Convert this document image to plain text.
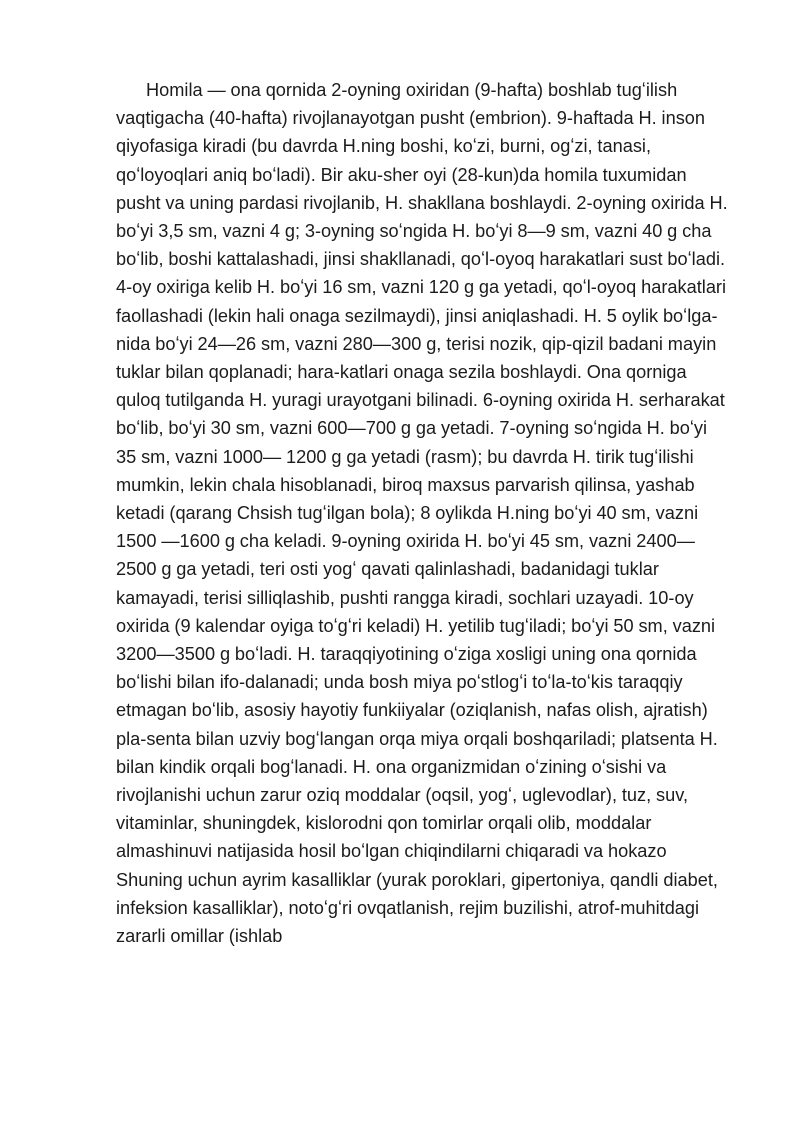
Homila — ona qornida 2-oyning oxiridan (9-hafta) boshlab tugʻilish vaqtigacha (40-hafta) rivojlanayotgan pusht (embrion). 9-haftada H. inson qiyofasiga kiradi (bu davrda H.ning boshi, koʻzi, burni, ogʻzi, tanasi, qoʻloyoqlari aniq boʻladi). Bir aku-sher oyi (28-kun)da homila tuxumidan pusht va uning pardasi rivojlanib, H. shakllana boshlaydi. 2-oyning oxirida H. boʻyi 3,5 sm, vazni 4 g; 3-oyning soʻngida H. boʻyi 8—9 sm, vazni 40 g cha boʻlib, boshi kattalashadi, jinsi shakllanadi, qoʻl-oyoq harakatlari sust boʻladi. 4-oy oxiriga kelib H. boʻyi 16 sm, vazni 120 g ga yetadi, qoʻl-oyoq harakatlari faollashadi (lekin hali onaga sezilmaydi), jinsi aniqlashadi. H. 5 oylik boʻlga-nida boʻyi 24—26 sm, vazni 280—300 g, terisi nozik, qip-qizil badani mayin tuklar bilan qoplanadi; hara-katlari onaga sezila boshlaydi. Ona qorniga quloq tutilganda H. yuragi urayotgani bilinadi. 6-oyning oxirida H. serharakat boʻlib, boʻyi 30 sm, vazni 600—700 g ga yetadi. 7-oyning soʻngida H. boʻyi 35 sm, vazni 1000— 1200 g ga yetadi (rasm); bu davrda H. tirik tugʻilishi mumkin, lekin chala hisoblanadi, biroq maxsus parvarish qilinsa, yashab ketadi (qarang Chsish tugʻilgan bola); 8 oylikda H.ning boʻyi 40 sm, vazni 1500 —1600 g cha keladi. 9-oyning oxirida H. boʻyi 45 sm, vazni 2400—2500 g ga yetadi, teri osti yogʻ qavati qalinlashadi, badanidagi tuklar kamayadi, terisi silliqlashib, pushti rangga kiradi, sochlari uzayadi. 10-oy oxirida (9 kalendar oyiga toʻgʻri keladi) H. yetilib tugʻiladi; boʻyi 50 sm, vazni 3200—3500 g boʻladi. H. taraqqiyotining oʻziga xosligi uning ona qornida boʻlishi bilan ifo-dalanadi; unda bosh miya poʻstlogʻi toʻla-toʻkis taraqqiy etmagan boʻlib, asosiy hayotiy funkiiyalar (oziqlanish, nafas olish, ajratish) pla-senta bilan uzviy bogʻlangan orqa miya orqali boshqariladi; platsenta H. bilan kindik orqali bogʻlanadi. H. ona organizmidan oʻzining oʻsishi va rivojlanishi uchun zarur oziq moddalar (oqsil, yogʻ, uglevodlar), tuz, suv, vitaminlar, shuningdek, kislorodni qon tomirlar orqali olib, moddalar almashinuvi natijasida hosil boʻlgan chiqindilarni chiqaradi va hokazo Shuning uchun ayrim kasalliklar (yurak poroklari, gipertoniya, qandli diabet, infeksion kasalliklar), notoʻgʻri ovqatlanish, rejim buzilishi, atrof-muhitdagi zararli omillar (ishlab
